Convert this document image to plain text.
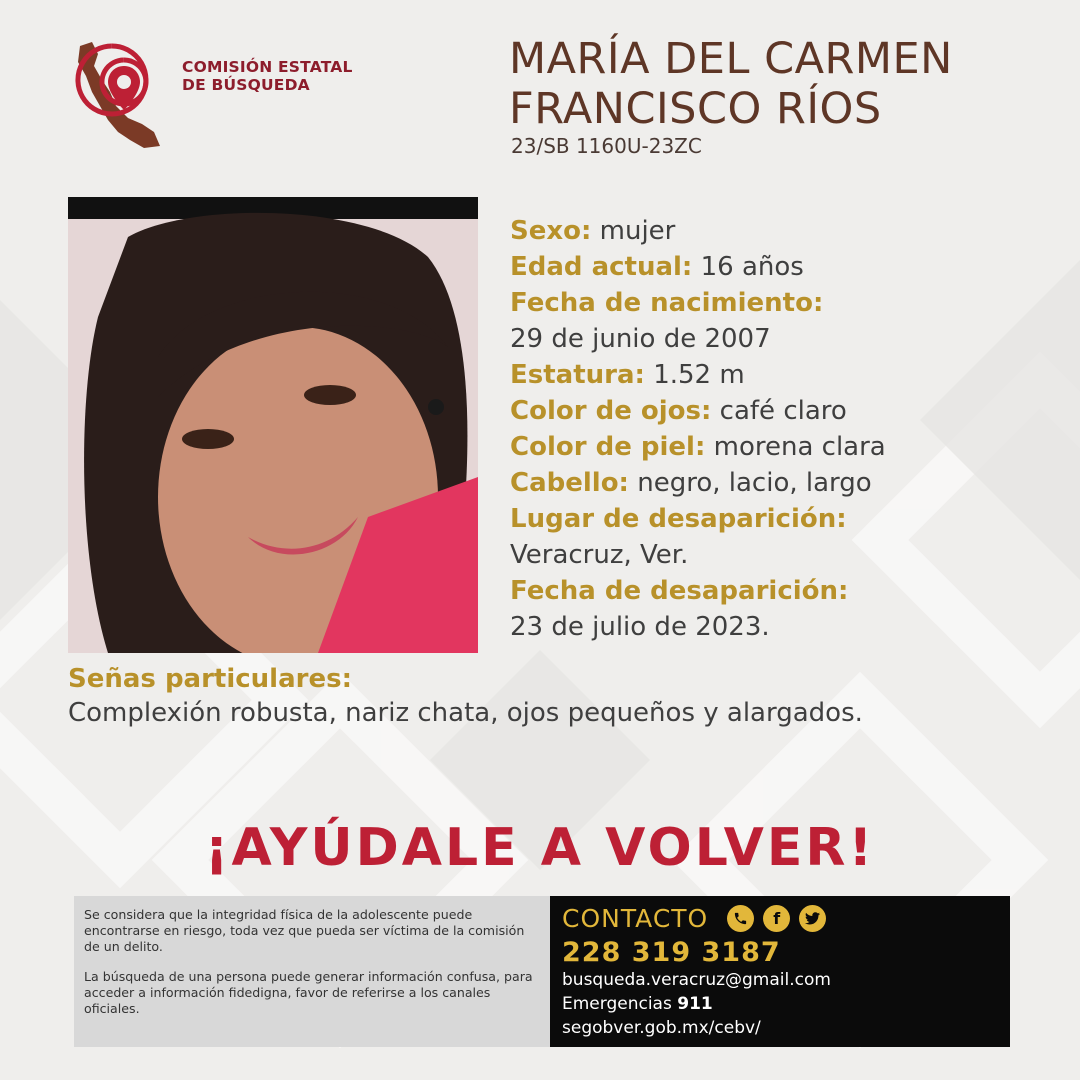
COMISIÓN ESTATAL
DE BÚSQUEDA
MARÍA DEL CARMEN
FRANCISCO RÍOS
23/SB 1160U-23ZC
Sexo: mujer
Edad actual: 16 años
Fecha de nacimiento:
29 de junio de 2007
Estatura: 1.52 m
Color de ojos: café claro
Color de piel: morena clara
Cabello: negro, lacio, largo
Lugar de desaparición:
Veracruz, Ver.
Fecha de desaparición:
23 de julio de 2023.
Señas particulares:
Complexión robusta, nariz chata, ojos pequeños y alargados.
¡AYÚDALE A VOLVER!

Se considera que la integridad física de la adolescente puede encontrarse en riesgo, toda vez que pueda ser víctima de la comisión de un delito.

La búsqueda de una persona puede generar información confusa, para acceder a información fidedigna, favor de referirse a los canales oficiales.

CONTACTO	f
228 319 3187
busqueda.veracruz@gmail.com
Emergencias 911
segobver.gob.mx/cebv/
